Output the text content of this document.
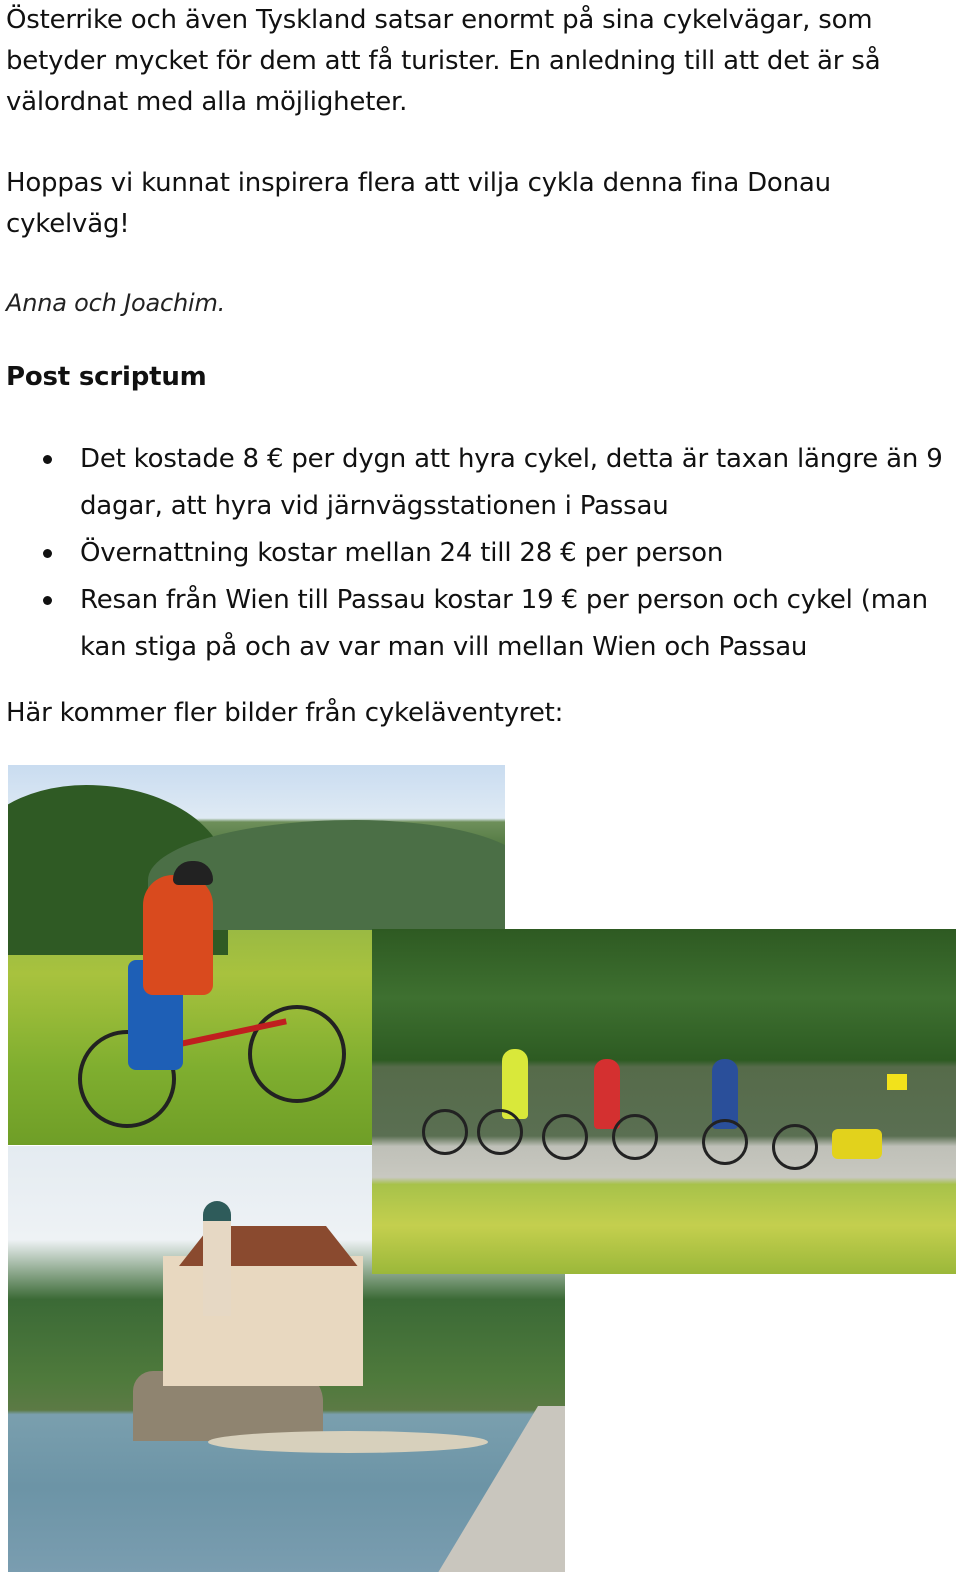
Österrike och även Tyskland satsar enormt på sina cykelvägar, som betyder mycket för dem att få turister. En anledning till att det är så välordnat med alla möjligheter.

Hoppas vi kunnat inspirera flera att vilja cykla denna fina Donau cykelväg!

Anna och Joachim.

Post scriptum

Det kostade 8 € per dygn att hyra cykel, detta är taxan längre än 9 dagar, att hyra vid järnvägsstationen i Passau
Övernattning kostar mellan 24 till 28 € per person
Resan från Wien till Passau kostar 19 € per person och cykel (man kan stiga på och av var man vill mellan Wien och Passau

Här kommer fler bilder från cykeläventyret:
